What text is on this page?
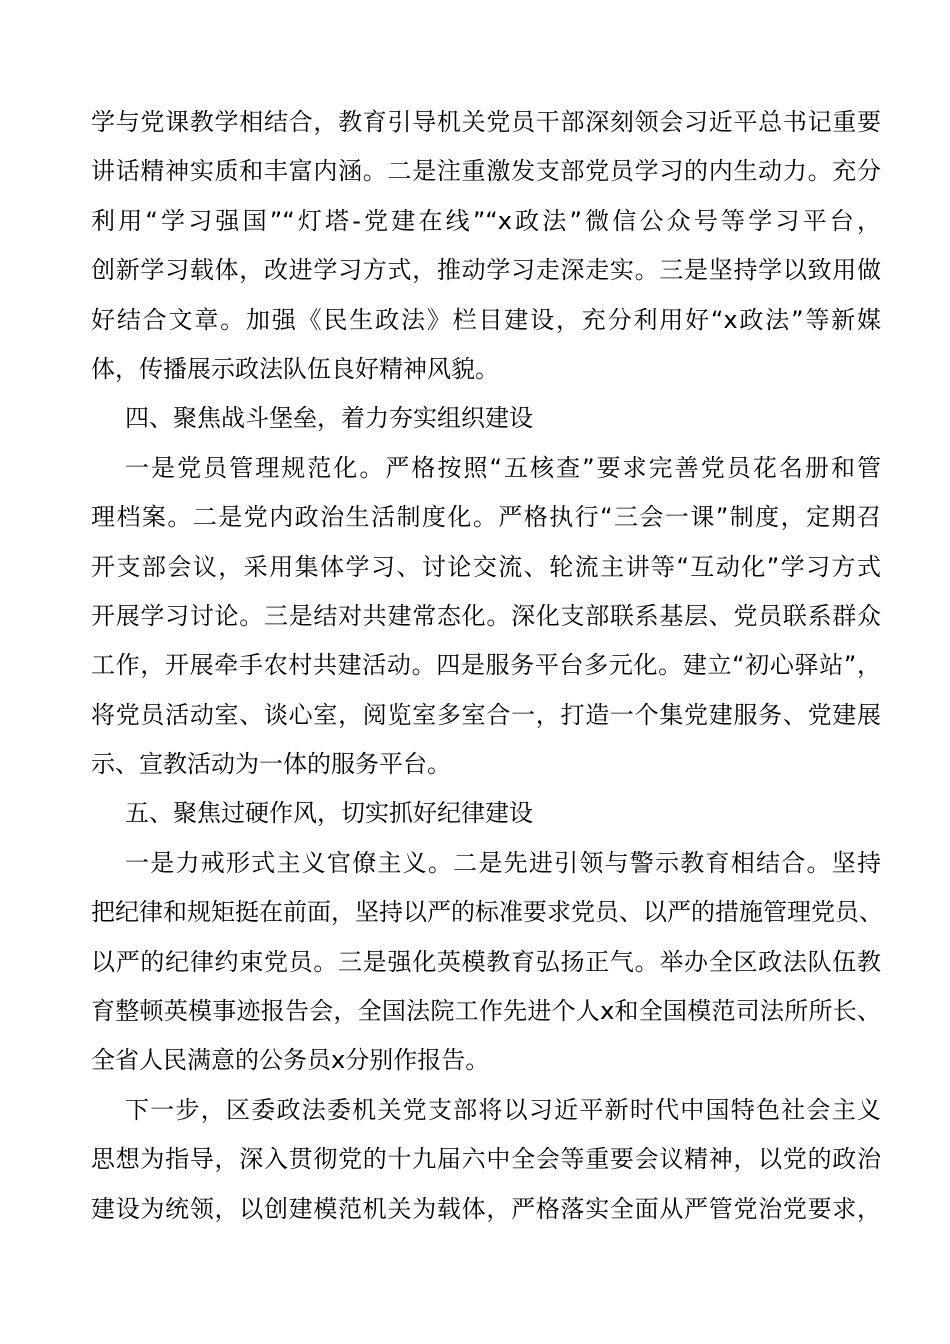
学与党课教学相结合，教育引导机关党员干部深刻领会习近平总书记重要
讲话精神实质和丰富内涵。二是注重激发支部党员学习的内生动力。充分
利用“学习强国”“灯塔-党建在线”“x政法”微信公众号等学习平台，
创新学习载体，改进学习方式，推动学习走深走实。三是坚持学以致用做
好结合文章。加强《民生政法》栏目建设，充分利用好“x政法”等新媒
体，传播展示政法队伍良好精神风貌。
四、聚焦战斗堡垒，着力夯实组织建设
一是党员管理规范化。严格按照“五核查”要求完善党员花名册和管
理档案。二是党内政治生活制度化。严格执行“三会一课”制度，定期召
开支部会议，采用集体学习、讨论交流、轮流主讲等“互动化”学习方式
开展学习讨论。三是结对共建常态化。深化支部联系基层、党员联系群众
工作，开展牵手农村共建活动。四是服务平台多元化。建立“初心驿站”，
将党员活动室、谈心室，阅览室多室合一，打造一个集党建服务、党建展
示、宣教活动为一体的服务平台。
五、聚焦过硬作风，切实抓好纪律建设
一是力戒形式主义官僚主义。二是先进引领与警示教育相结合。坚持
把纪律和规矩挺在前面，坚持以严的标准要求党员、以严的措施管理党员、
以严的纪律约束党员。三是强化英模教育弘扬正气。举办全区政法队伍教
育整顿英模事迹报告会，全国法院工作先进个人x和全国模范司法所所长、
全省人民满意的公务员x分别作报告。
下一步，区委政法委机关党支部将以习近平新时代中国特色社会主义
思想为指导，深入贯彻党的十九届六中全会等重要会议精神，以党的政治
建设为统领，以创建模范机关为载体，严格落实全面从严管党治党要求，
